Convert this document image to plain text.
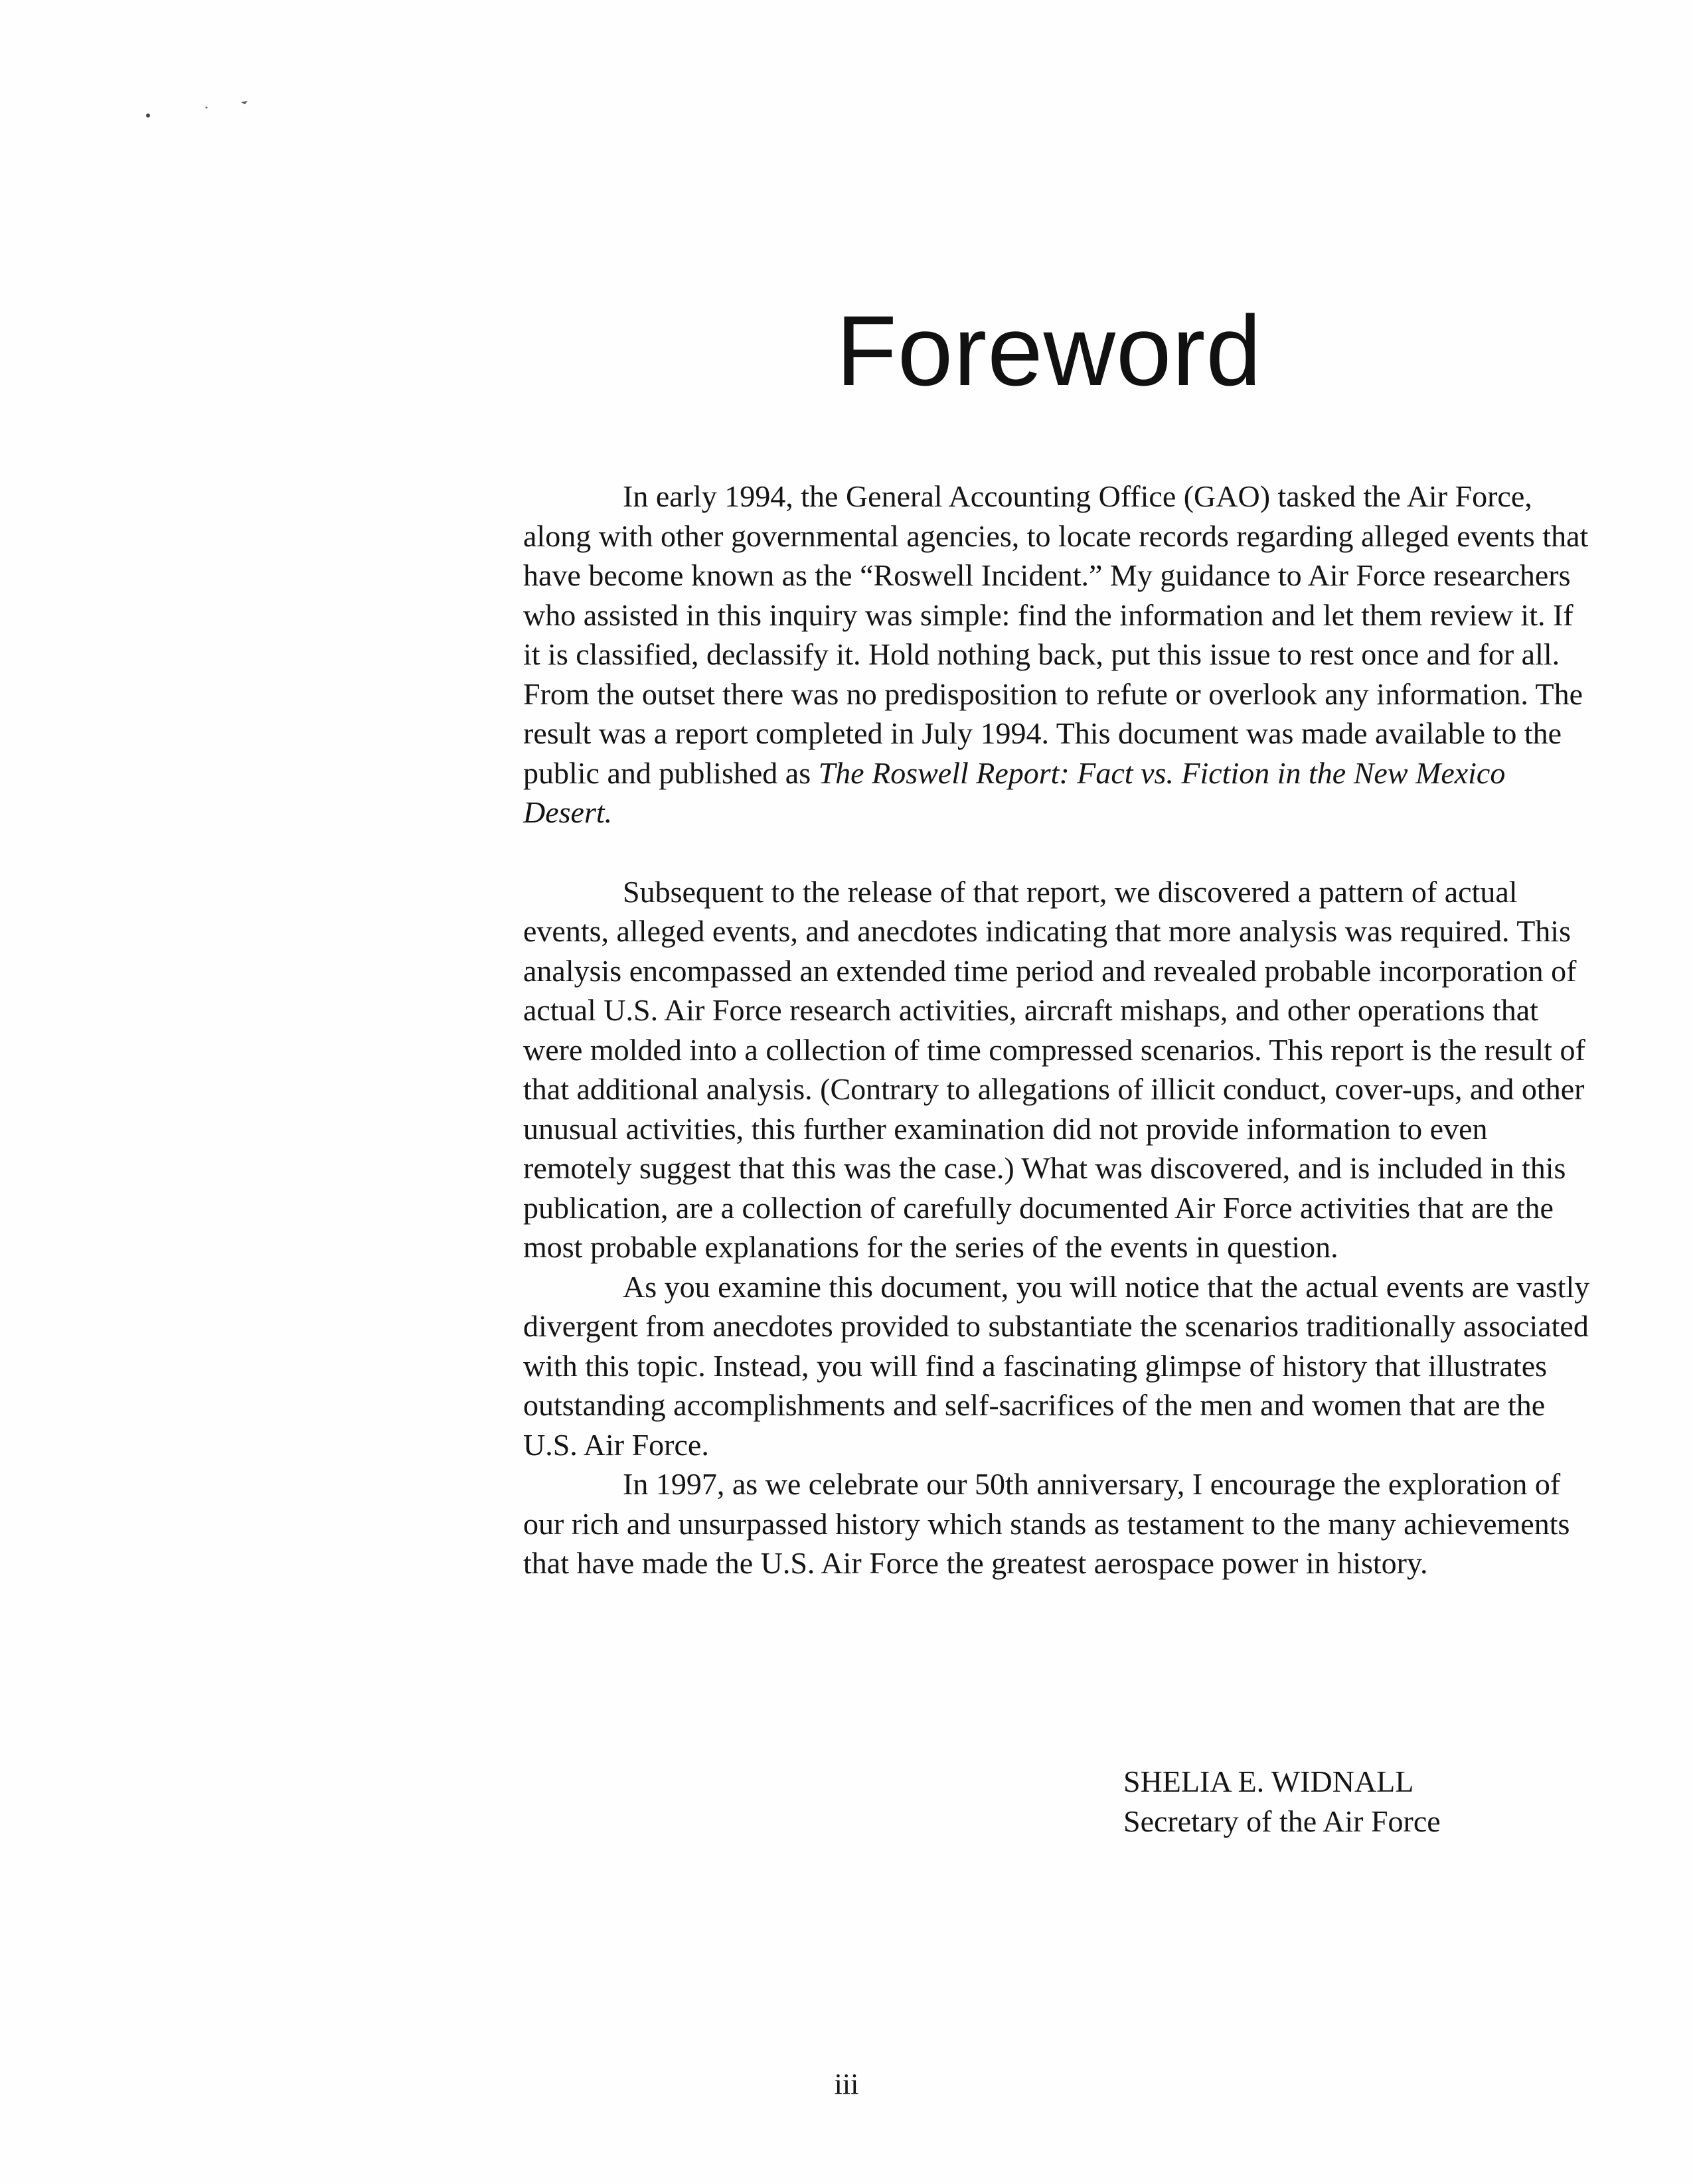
Foreword

In early 1994, the General Accounting Office (GAO) tasked the Air Force, along with other governmental agencies, to locate records regarding alleged events that have become known as the “Roswell Incident.” My guidance to Air Force researchers who assisted in this inquiry was simple: find the information and let them review it. If it is classified, declassify it. Hold nothing back, put this issue to rest once and for all. From the outset there was no predisposition to refute or overlook any information. The result was a report completed in July 1994. This document was made available to the public and published as The Roswell Report: Fact vs. Fiction in the New Mexico Desert.

Subsequent to the release of that report, we discovered a pattern of actual events, alleged events, and anecdotes indicating that more analysis was required. This analysis encompassed an extended time period and revealed probable incorporation of actual U.S. Air Force research activities, aircraft mishaps, and other operations that were molded into a collection of time compressed scenarios. This report is the result of that additional analysis. (Contrary to allegations of illicit conduct, cover-ups, and other unusual activities, this further examination did not provide information to even remotely suggest that this was the case.) What was discovered, and is included in this publication, are a collection of carefully documented Air Force activities that are the most probable explanations for the series of the events in question.

As you examine this document, you will notice that the actual events are vastly divergent from anecdotes provided to substantiate the scenarios traditionally associated with this topic. Instead, you will find a fascinating glimpse of history that illustrates outstanding accomplishments and self-sacrifices of the men and women that are the U.S. Air Force.

In 1997, as we celebrate our 50th anniversary, I encourage the exploration of our rich and unsurpassed history which stands as testament to the many achievements that have made the U.S. Air Force the greatest aerospace power in history.

SHELIA E. WIDNALL
Secretary of the Air Force
iii
